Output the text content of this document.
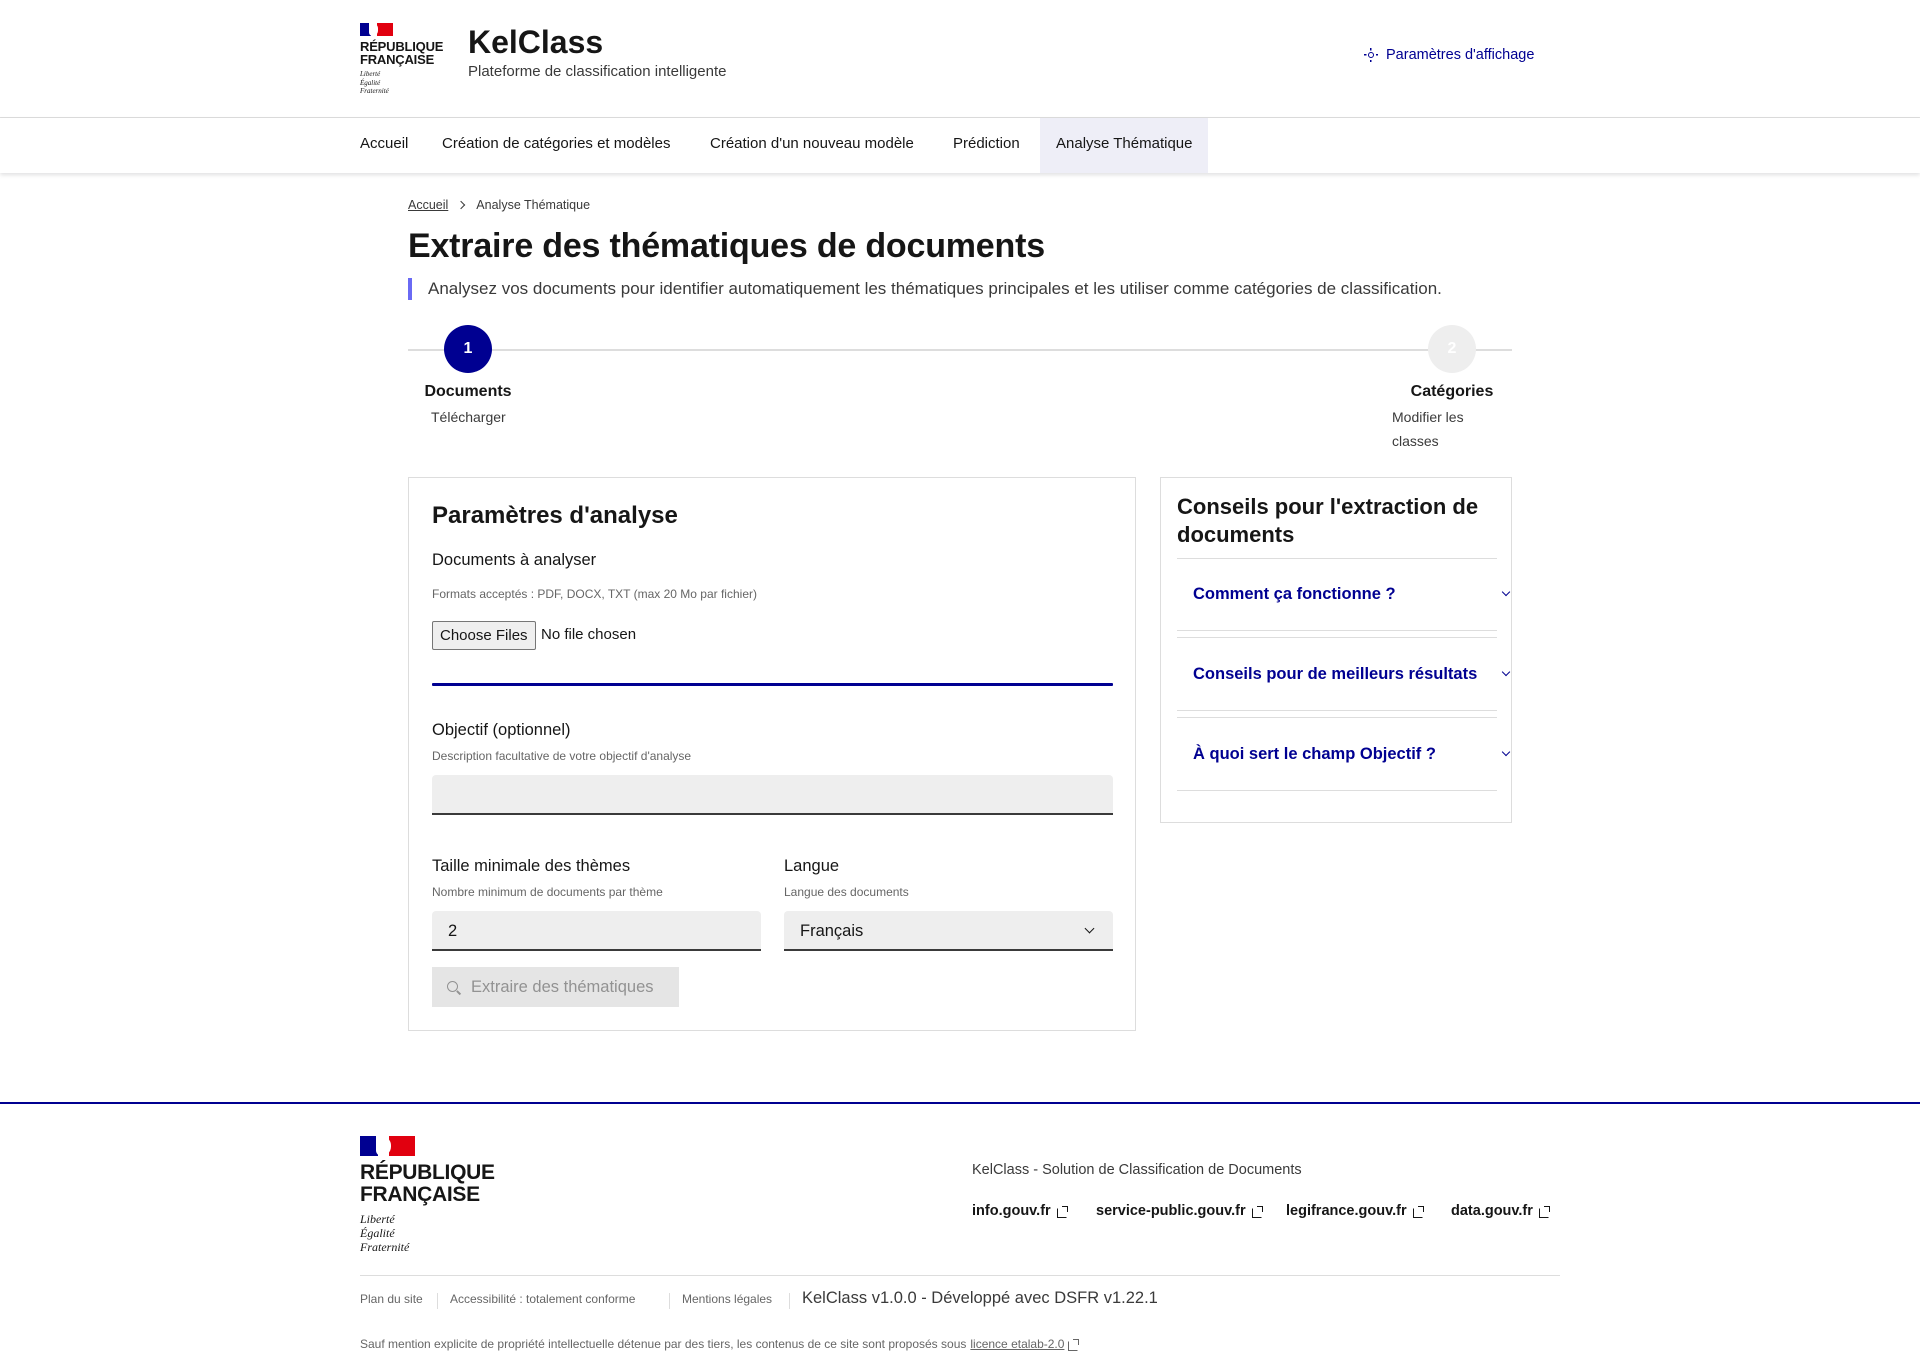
RÉPUBLIQUE
FRANÇAISE
Liberté
Égalité
Fraternité
KelClass
Plateforme de classification intelligente
Paramètres d'affichage
Accueil	Création de catégories et modèles	Création d'un nouveau modèle	Prédiction	Analyse Thématique
Accueil Analyse Thématique
Extraire des thématiques de documents

Analysez vos documents pour identifier automatiquement les thématiques principales et les utiliser comme catégories de classification.

1	2
Documents
Télécharger
Catégories
Modifier les
classes
Paramètres d'analyse
Documents à analyser
Formats acceptés : PDF, DOCX, TXT (max 20 Mo par fichier)
Choose Files No file chosen
Objectif (optionnel)
Description facultative de votre objectif d'analyse
Taille minimale des thèmes
Nombre minimum de documents par thème
2
Langue
Langue des documents
Français
Extraire des thématiques
Conseils pour l'extraction de documents
Comment ça fonctionne ?
Conseils pour de meilleurs résultats
À quoi sert le champ Objectif ?
RÉPUBLIQUE
FRANÇAISE
Liberté
Égalité
Fraternité
KelClass - Solution de Classification de Documents
info.gouv.fr	service-public.gouv.fr	legifrance.gouv.fr	data.gouv.fr
Plan du site Accessibilité : totalement conforme	Mentions légales KelClass v1.0.0 - Développé avec DSFR v1.22.1
Sauf mention explicite de propriété intellectuelle détenue par des tiers, les contenus de ce site sont proposés sous licence etalab-2.0
